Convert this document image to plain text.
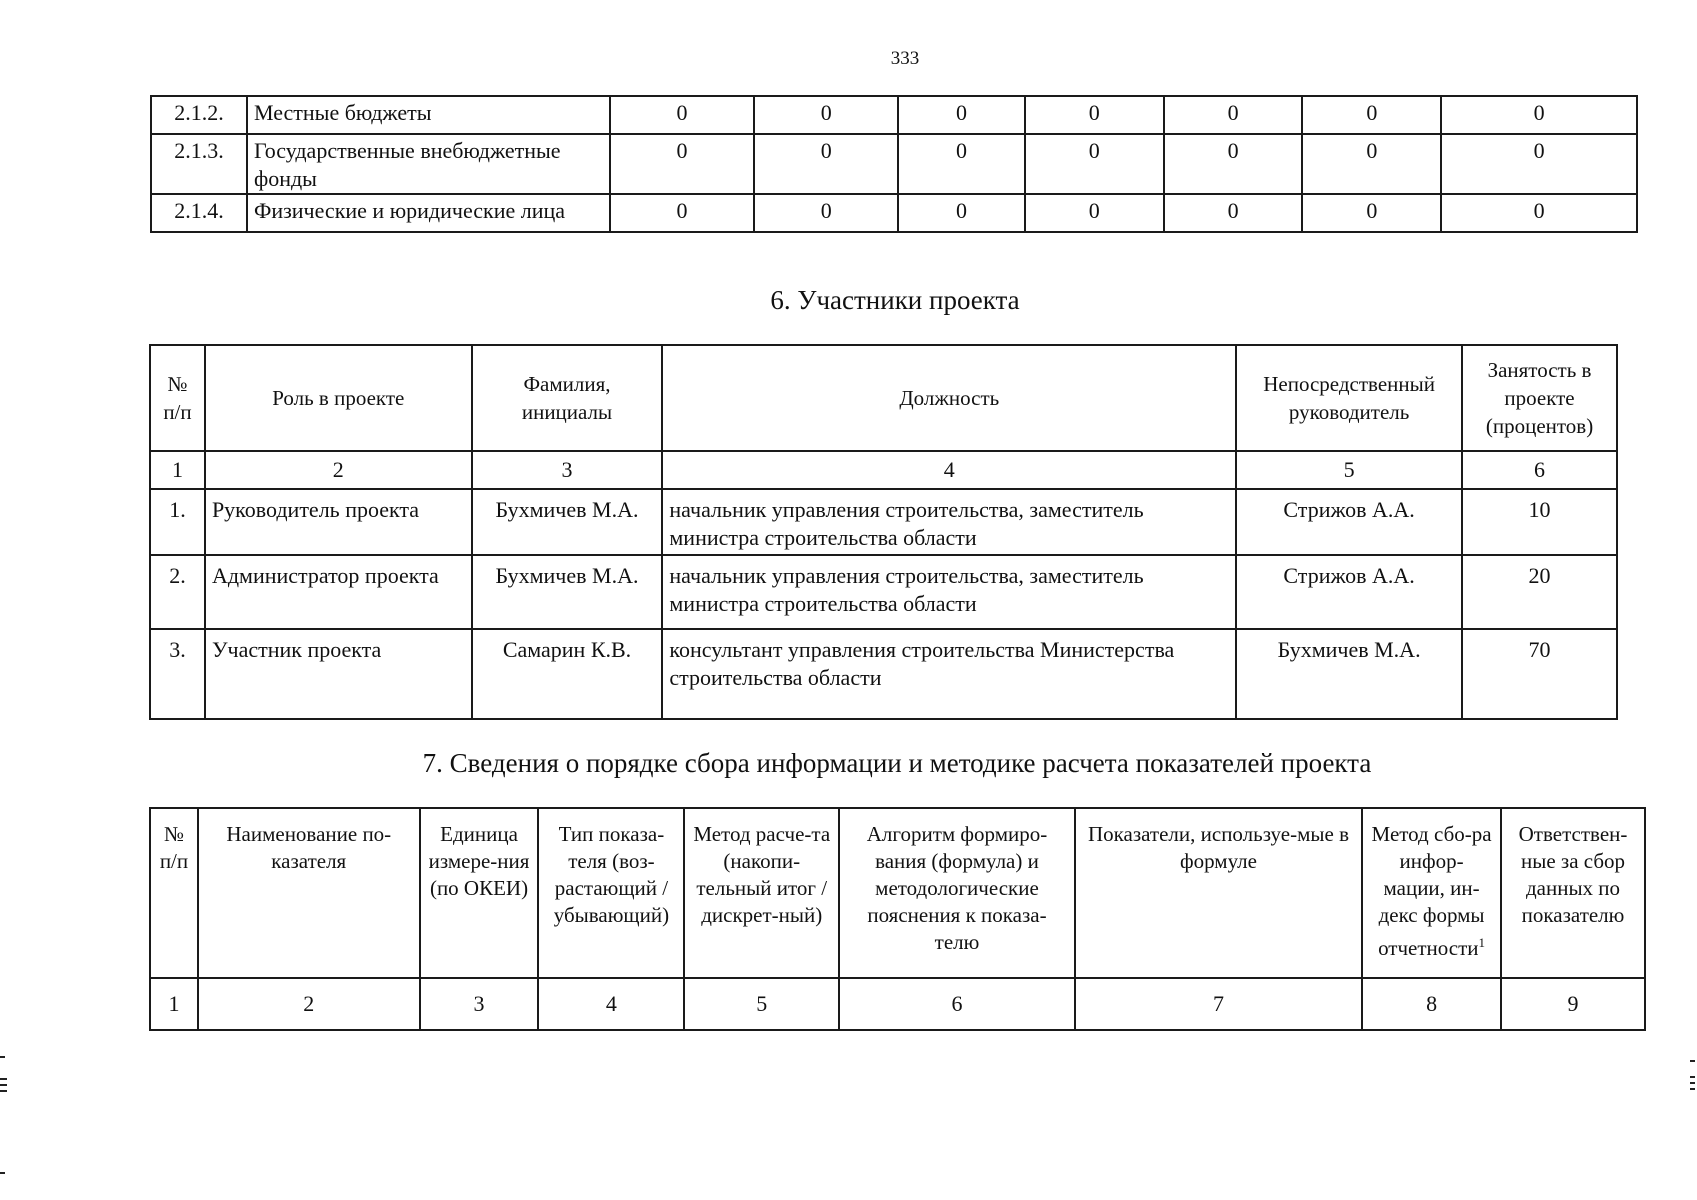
333
2.1.2.	Местные бюджеты	0	0	0	0	0	0	0
2.1.3.	Государственные внебюджетные фонды	0	0	0	0	0	0	0
2.1.4.	Физические и юридические лица	0	0	0	0	0	0	0
6. Участники проекта
№ п/п	Роль в проекте	Фамилия, инициалы	Должность	Непосредственный руководитель	Занятость в проекте (процентов)
1	2	3	4	5	6
1.	Руководитель проекта	Бухмичев М.А.	начальник управления строительства, заместитель министра строительства области	Стрижов А.А.	10
2.	Администратор проекта	Бухмичев М.А.	начальник управления строительства, заместитель министра строительства области	Стрижов А.А.	20
3.	Участник проекта	Самарин К.В.	консультант управления строительства Министерства строительства области	Бухмичев М.А.	70
7. Сведения о порядке сбора информации и методике расчета показателей проекта
№ п/п	Наименование по-казателя	Единица измере-ния (по ОКЕИ)	Тип показа-теля (воз-растающий / убывающий)	Метод расче-та (накопи-тельный итог / дискрет-ный)	Алгоритм формиро-вания (формула) и методологические пояснения к показа-телю	Показатели, используе-мые в формуле	Метод сбо-ра инфор-мации, ин-декс формы отчетности$^1$	Ответствен-ные за сбор данных по показателю
1	2	3	4	5	6	7	8	9
